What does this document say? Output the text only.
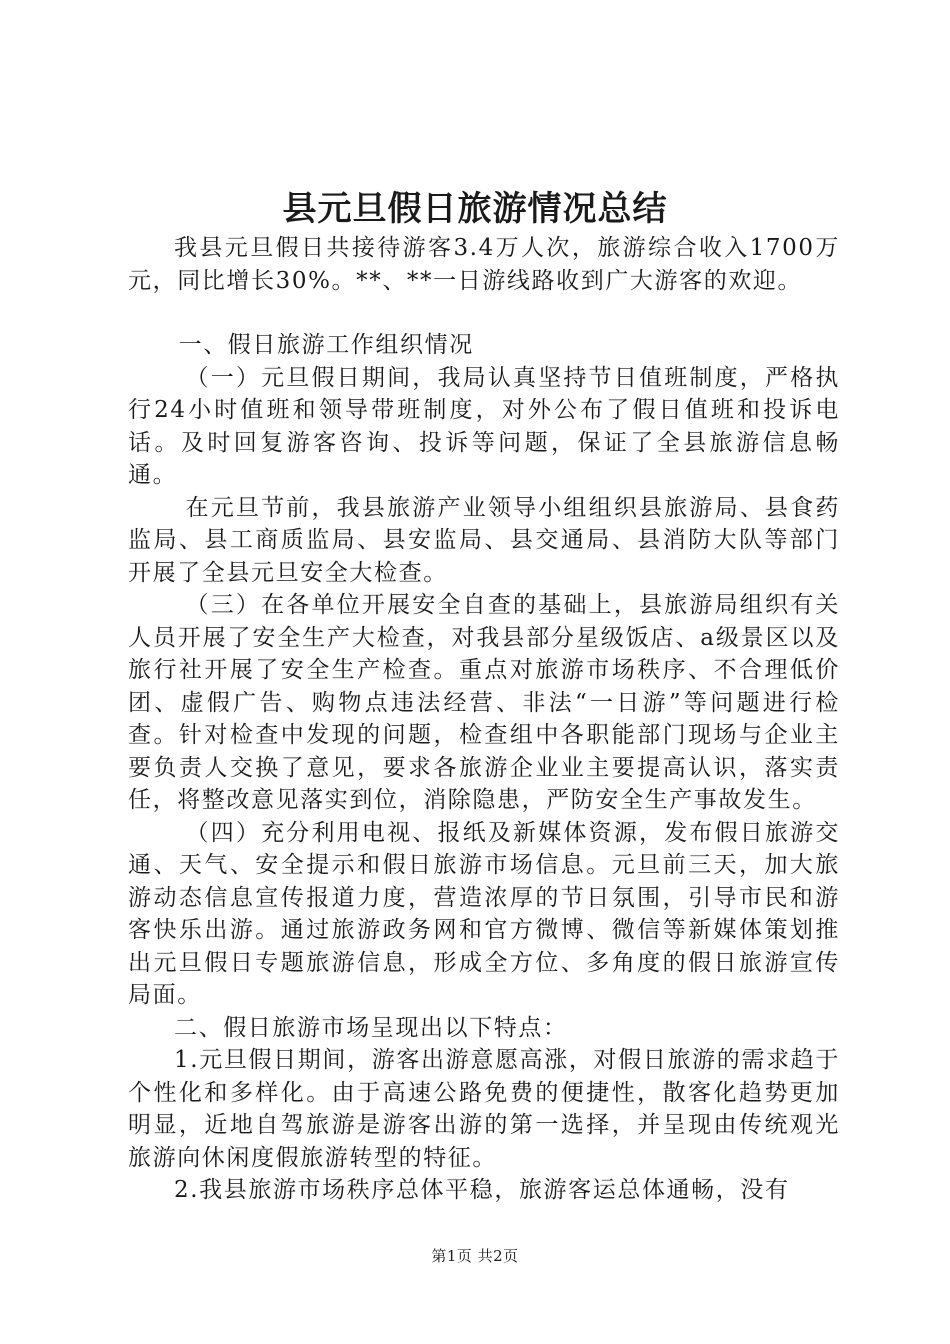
县元旦假日旅游情况总结

我县元旦假日共接待游客3.4万人次，旅游综合收入1700万元，同比增长30%。**、**一日游线路收到广大游客的欢迎。

一、假日旅游工作组织情况

（一）元旦假日期间，我局认真坚持节日值班制度，严格执行24小时值班和领导带班制度，对外公布了假日值班和投诉电话。及时回复游客咨询、投诉等问题，保证了全县旅游信息畅通。

在元旦节前，我县旅游产业领导小组组织县旅游局、县食药监局、县工商质监局、县安监局、县交通局、县消防大队等部门开展了全县元旦安全大检查。

（三）在各单位开展安全自查的基础上，县旅游局组织有关人员开展了安全生产大检查，对我县部分星级饭店、a级景区以及旅行社开展了安全生产检查。重点对旅游市场秩序、不合理低价团、虚假广告、购物点违法经营、非法“一日游”等问题进行检查。针对检查中发现的问题，检查组中各职能部门现场与企业主要负责人交换了意见，要求各旅游企业业主要提高认识，落实责任，将整改意见落实到位，消除隐患，严防安全生产事故发生。

（四）充分利用电视、报纸及新媒体资源，发布假日旅游交通、天气、安全提示和假日旅游市场信息。元旦前三天，加大旅游动态信息宣传报道力度，营造浓厚的节日氛围，引导市民和游客快乐出游。通过旅游政务网和官方微博、微信等新媒体策划推出元旦假日专题旅游信息，形成全方位、多角度的假日旅游宣传局面。

二、假日旅游市场呈现出以下特点：

1.元旦假日期间，游客出游意愿高涨，对假日旅游的需求趋于个性化和多样化。由于高速公路免费的便捷性，散客化趋势更加明显，近地自驾旅游是游客出游的第一选择，并呈现由传统观光旅游向休闲度假旅游转型的特征。

2.我县旅游市场秩序总体平稳，旅游客运总体通畅，没有

第1页 共2页
